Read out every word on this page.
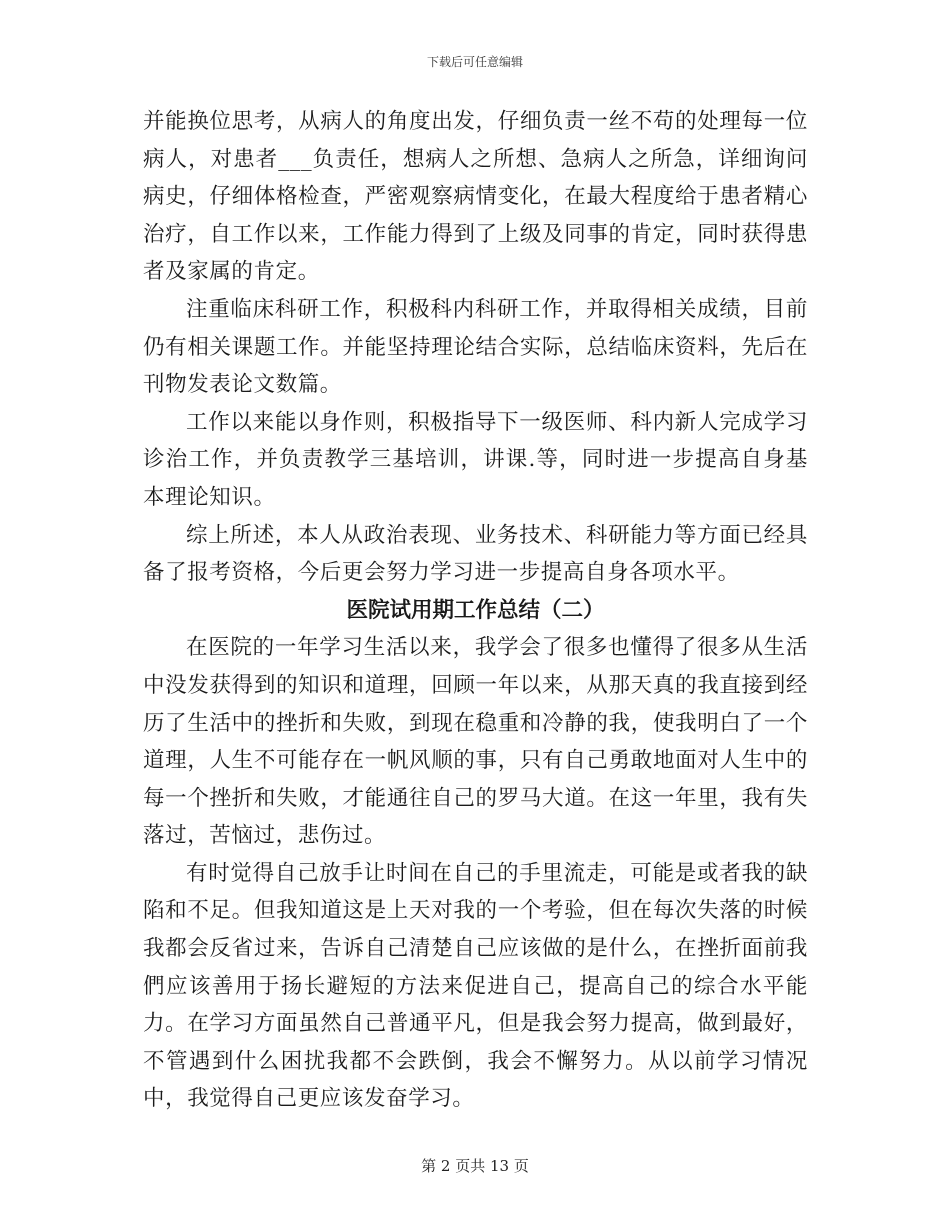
下载后可任意编辑

并能换位思考，从病人的角度出发，仔细负责一丝不苟的处理每一位病人，对患者___负责任，想病人之所想、急病人之所急，详细询问病史，仔细体格检查，严密观察病情变化，在最大程度给于患者精心治疗，自工作以来，工作能力得到了上级及同事的肯定，同时获得患者及家属的肯定。

注重临床科研工作，积极科内科研工作，并取得相关成绩，目前仍有相关课题工作。并能坚持理论结合实际，总结临床资料，先后在刊物发表论文数篇。

工作以来能以身作则，积极指导下一级医师、科内新人完成学习诊治工作，并负责教学三基培训，讲课.等，同时进一步提高自身基本理论知识。

综上所述，本人从政治表现、业务技术、科研能力等方面已经具备了报考资格，今后更会努力学习进一步提高自身各项水平。

医院试用期工作总结（二）

在医院的一年学习生活以来，我学会了很多也懂得了很多从生活中没发获得到的知识和道理，回顾一年以来，从那天真的我直接到经历了生活中的挫折和失败，到现在稳重和冷静的我，使我明白了一个道理，人生不可能存在一帆风顺的事，只有自己勇敢地面对人生中的每一个挫折和失败，才能通往自己的罗马大道。在这一年里，我有失落过，苦恼过，悲伤过。

有时觉得自己放手让时间在自己的手里流走，可能是或者我的缺陷和不足。但我知道这是上天对我的一个考验，但在每次失落的时候我都会反省过来，告诉自己清楚自己应该做的是什么，在挫折面前我們应该善用于扬长避短的方法来促进自己，提高自己的综合水平能力。在学习方面虽然自己普通平凡，但是我会努力提高，做到最好，不管遇到什么困扰我都不会跌倒，我会不懈努力。从以前学习情况中，我觉得自己更应该发奋学习。

第 2 页共 13 页
